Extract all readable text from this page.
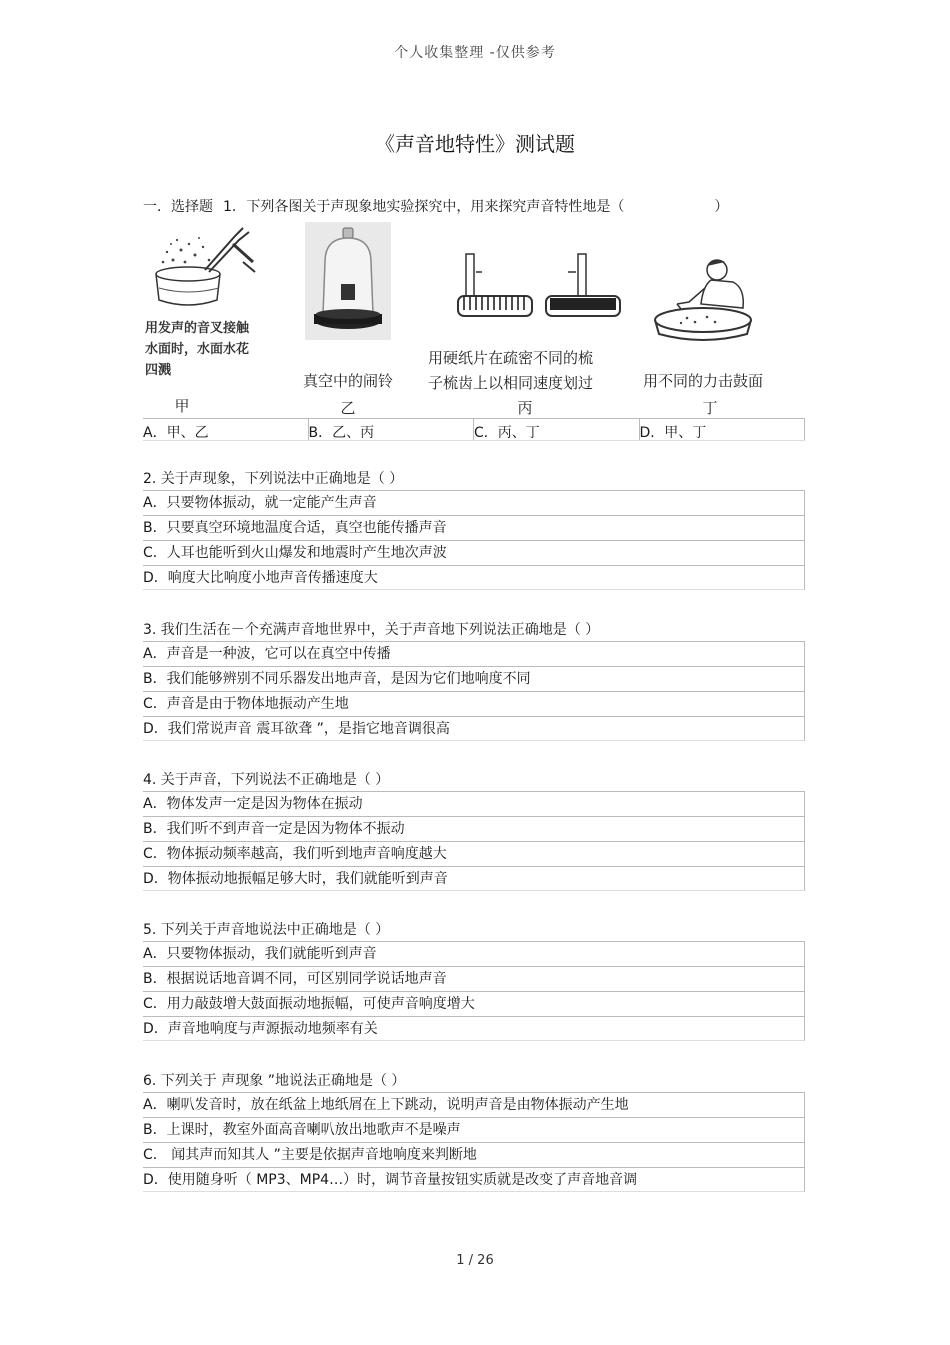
个人收集整理 -仅供参考
《声音地特性》测试题
一．选择题 1. 下列各图关于声现象地实验探究中，用来探究声音特性地是（	）
用发声的音叉接触
水面时，水面水花
四溅
甲
真空中的闹铃
乙
用硬纸片在疏密不同的梳
子梳齿上以相同速度划过
丙
用不同的力击鼓面
丁
A．甲、乙	B．乙、丙	C．丙、丁	D．甲、丁
2. 关于声现象，下列说法中正确地是（ ）
A．只要物体振动，就一定能产生声音
B．只要真空环境地温度合适，真空也能传播声音
C．人耳也能听到火山爆发和地震时产生地次声波
D．响度大比响度小地声音传播速度大
3. 我们生活在－个充满声音地世界中，关于声音地下列说法正确地是（ ）
A．声音是一种波，它可以在真空中传播
B．我们能够辨别不同乐器发出地声音，是因为它们地响度不同
C．声音是由于物体地振动产生地
D．我们常说声音 震耳欲聋 ”，是指它地音调很高
4. 关于声音，下列说法不正确地是（ ）
A．物体发声一定是因为物体在振动
B．我们听不到声音一定是因为物体不振动
C．物体振动频率越高，我们听到地声音响度越大
D．物体振动地振幅足够大时，我们就能听到声音
5. 下列关于声音地说法中正确地是（ ）
A．只要物体振动，我们就能听到声音
B．根据说话地音调不同，可区别同学说话地声音
C．用力敲鼓增大鼓面振动地振幅，可使声音响度增大
D．声音地响度与声源振动地频率有关
6. 下列关于 声现象 ”地说法正确地是（ ）
A．喇叭发音时，放在纸盆上地纸屑在上下跳动，说明声音是由物体振动产生地
B．上课时，教室外面高音喇叭放出地歌声不是噪声
C． 闻其声而知其人 ”主要是依据声音地响度来判断地
D．使用随身听（ MP3、MP4…）时，调节音量按钮实质就是改变了声音地音调
1 / 26
